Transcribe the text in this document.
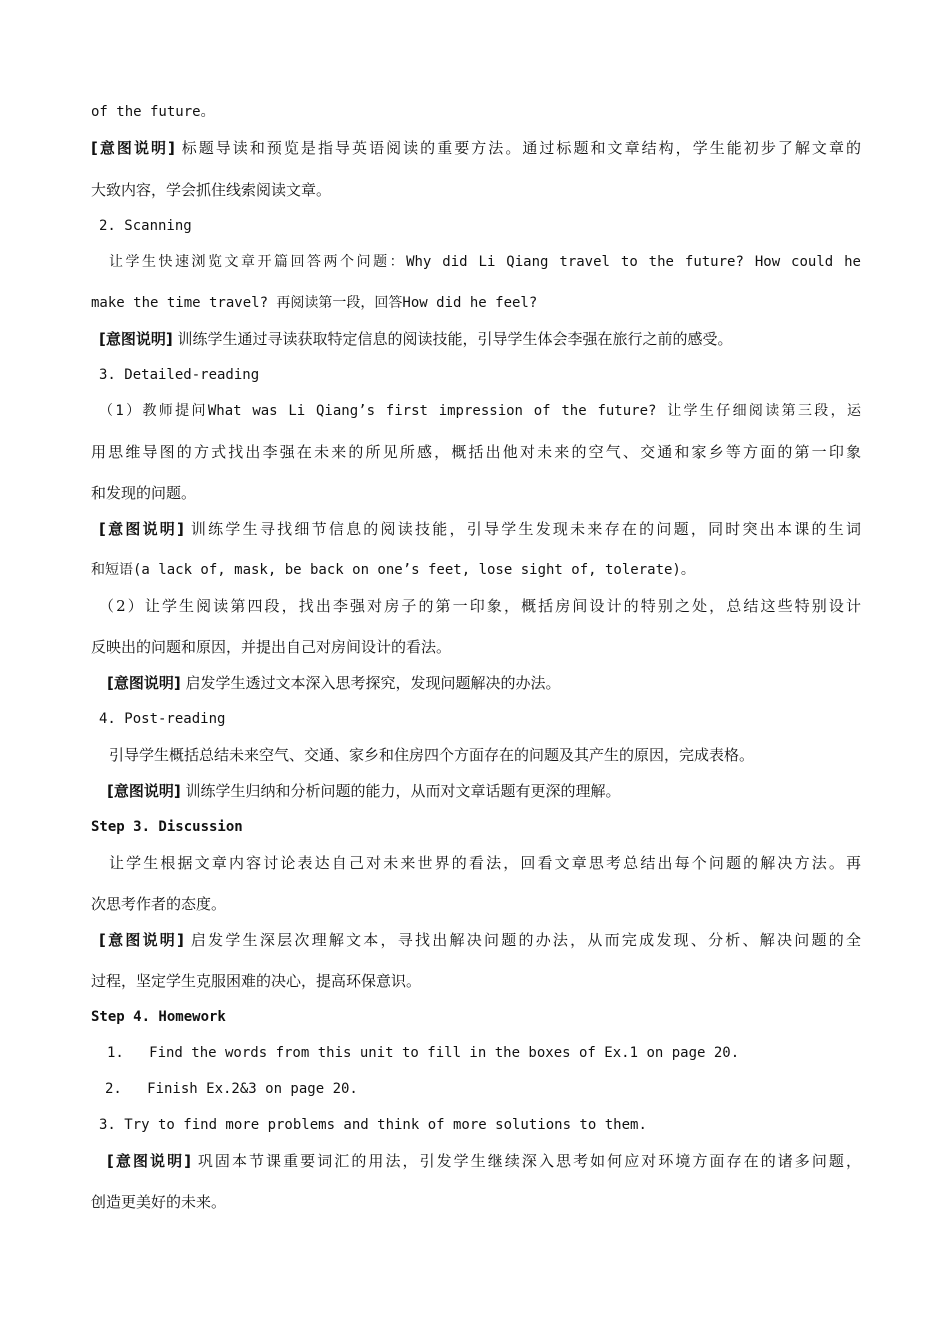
of the future。
[意图说明] 标题导读和预览是指导英语阅读的重要方法。通过标题和文章结构，学生能初步了解文章的
大致内容，学会抓住线索阅读文章。
2. Scanning
让学生快速浏览文章开篇回答两个问题：Why did Li Qiang travel to the future? How could he
make the time travel? 再阅读第一段，回答How did he feel?
[意图说明] 训练学生通过寻读获取特定信息的阅读技能，引导学生体会李强在旅行之前的感受。
3. Detailed-reading
（1）教师提问What was Li Qiang’s first impression of the future? 让学生仔细阅读第三段，运
用思维导图的方式找出李强在未来的所见所感，概括出他对未来的空气、交通和家乡等方面的第一印象
和发现的问题。
[意图说明] 训练学生寻找细节信息的阅读技能，引导学生发现未来存在的问题，同时突出本课的生词
和短语(a lack of, mask, be back on one’s feet, lose sight of, tolerate)。
（2）让学生阅读第四段，找出李强对房子的第一印象，概括房间设计的特别之处，总结这些特别设计
反映出的问题和原因，并提出自己对房间设计的看法。
[意图说明] 启发学生透过文本深入思考探究，发现问题解决的办法。
4. Post-reading
引导学生概括总结未来空气、交通、家乡和住房四个方面存在的问题及其产生的原因，完成表格。
[意图说明] 训练学生归纳和分析问题的能力，从而对文章话题有更深的理解。
Step 3. Discussion
让学生根据文章内容讨论表达自己对未来世界的看法，回看文章思考总结出每个问题的解决方法。再
次思考作者的态度。
[意图说明] 启发学生深层次理解文本，寻找出解决问题的办法，从而完成发现、分析、解决问题的全
过程，坚定学生克服困难的决心，提高环保意识。
Step 4. Homework
1.   Find the words from this unit to fill in the boxes of Ex.1 on page 20.
2.   Finish Ex.2&3 on page 20.
3. Try to find more problems and think of more solutions to them.
[意图说明] 巩固本节课重要词汇的用法，引发学生继续深入思考如何应对环境方面存在的诸多问题，
创造更美好的未来。
